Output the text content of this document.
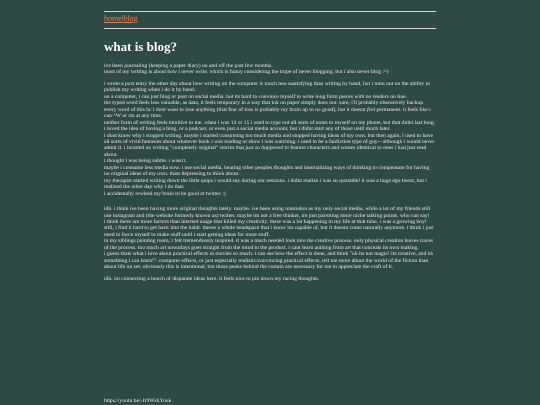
home|blog
what is blog?

ive been journaling (keeping a paper diary) on and off the past few months.
most of my writing is about how i never write. which is funny considering the trope of never blogging. but i also never blog :^)

i wrote a post entry the other day about how writing on the computer is much less saatisfying than writing by hand, but i miss out on the ability to publish my writing when i do it by hand.
on a computer, i can just blog or post on social media. but its hard to convince myself to write long form pieces with no readers on line.
the typed word feels less valuable, as data, it feels temporary in a way that ink on paper simply does not. sure, i'll probably obsessively backup every word of this bc i dont want to lose anything (that fear of loss is probably my brain up to no good), but it doesnt feel permanent. it feels like i can ^W or rm at any time.
neither form of writing feels intuitive to me. when i was 14 or 15 i used to type out all sorts of notes to myself on my phone, but that didnt last long. i loved the idea of having a blog, or a podcast, or even just a social media account, but i didnt start any of those until much later.
i dont know why i stopped writing. maybe i started consuming too much media and stopped having ideas of my own. but then again, i used to have all sorts of vivid fantasies about whatever book i was reading or show i was watching. i used to be a fanfiction type of guy-- although i would never admit it. i insisted on writing "completely original" stories that just so happened to feature characters and scenes identical to ones i had just read about.
i thought i was being subtle. i wasn't.
maybe i consume less media now. i use social media, hearing other peoples thoughts and internalizing ways of thinking to compensate for having no original ideas of my own. thats depressing to think about.
my therapist started writing down the little quips i would say during our sessions. i didnt realize i was so quotable! it was a huge ego boost, but i realized the other day why i do that.
i accidentally rewired my brain to be good at twitter. :(

idk. i think ive been having more original thoughts lately. maybe. ive been using mastodon as my only social media, while a lot of my friends still use instagram and (the website formerly known as) twitter. maybe im not a free thinker, im just parroting more niche talking points. who can say!
i think there are more factors than internet usage that killed my creativity. there was a lot happening in my life at that time. i was a growing boy!
still, i find it hard to get back into the habit. theres a whole headspace that i know im capable of, but it doesnt come naturally anymore. i think i just need to force myself to make stuff until i start getting ideas for more stuff.
in my siblings painting room, i felt tremendously inspired. it was a much needed look into the creative process. only physical creation leaves traces of the process. too much art nowadays goes straight from the mind to the product. i cant learn anthing from art that conceals its own making.
i guess thats what i love about practical effects in movies so much. i can see how the effect is done, and think "oh its not magic! its creative, and its something i can learn!". computer effects, or just especially realistic/convincing practical effects, tell me more about the world of the fiction than about life on set. obviously this is intentional, but those peeks behind the curtain are necessary for me to appreciate the craft of it.

idk. im connecting a bunch of disparate ideas here. it feels nice to pin down my racing thoughts.

https://youtu.be/-Jr9WshYouk
